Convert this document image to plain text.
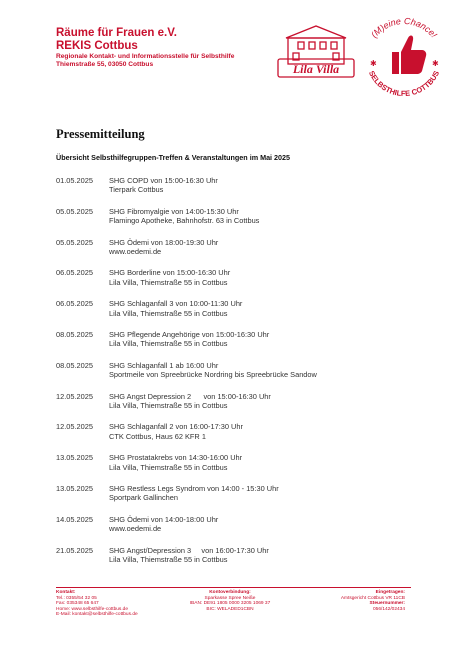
Räume für Frauen e.V.
REKIS Cottbus
Regionale Kontakt- und Informationsstelle für Selbsthilfe
Thiemstraße 55, 03050 Cottbus	Lila Villa
(M)eine Chance!
SELBSTHILFE COTTBUS
✱	✱
Pressemitteilung
Übersicht Selbsthilfegruppen-Treffen & Veranstaltungen im Mai 2025
01.05.2025 SHG COPD von 15:00-16:30 Uhr
Tierpark Cottbus
05.05.2025 SHG Fibromyalgie von 14:00-15:30 Uhr
Flamingo Apotheke, Bahnhofstr. 63 in Cottbus
05.05.2025 SHG Ödemi von 18:00-19:30 Uhr
www.oedemi.de
06.05.2025 SHG Borderline von 15:00-16:30 Uhr
Lila Villa, Thiemstraße 55 in Cottbus
06.05.2025 SHG Schlaganfall 3 von 10:00-11:30 Uhr
Lila Villa, Thiemstraße 55 in Cottbus
08.05.2025 SHG Pflegende Angehörige von 15:00-16:30 Uhr
Lila Villa, Thiemstraße 55 in Cottbus
08.05.2025 SHG Schlaganfall 1 ab 16:00 Uhr
Sportmeile von Spreebrücke Nordring bis Spreebrücke Sandow
12.05.2025 SHG Angst Depression 2      von 15:00-16:30 Uhr
Lila Villa, Thiemstraße 55 in Cottbus
12.05.2025 SHG Schlaganfall 2 von 16:00-17:30 Uhr
CTK Cottbus, Haus 62 KFR 1
13.05.2025 SHG Prostatakrebs von 14:30-16:00 Uhr
Lila Villa, Thiemstraße 55 in Cottbus
13.05.2025 SHG Restless Legs Syndrom von 14:00 - 15:30 Uhr
Sportpark Gallinchen
14.05.2025 SHG Ödemi von 14:00-18:00 Uhr
www.oedemi.de
21.05.2025 SHG Angst/Depression 3     von 16:00-17:30 Uhr
Lila Villa, Thiemstraße 55 in Cottbus
Kontakt:
Tel.: 0355/54 32 05
Fax: 035348 65 647
Home: www.selbsthilfe-cottbus.de
E-Mail: kontakt@selbsthilfe-cottbus.de
Kontoverbindung:
Sparkasse Spree Neiße
IBAN: DE91 1805 0000 3205 1069 37
BIC: WELADED1CBN
Eingetragen:
Amtsgericht Cottbus VR 11CB
Steuernummer:
056/142/02434
